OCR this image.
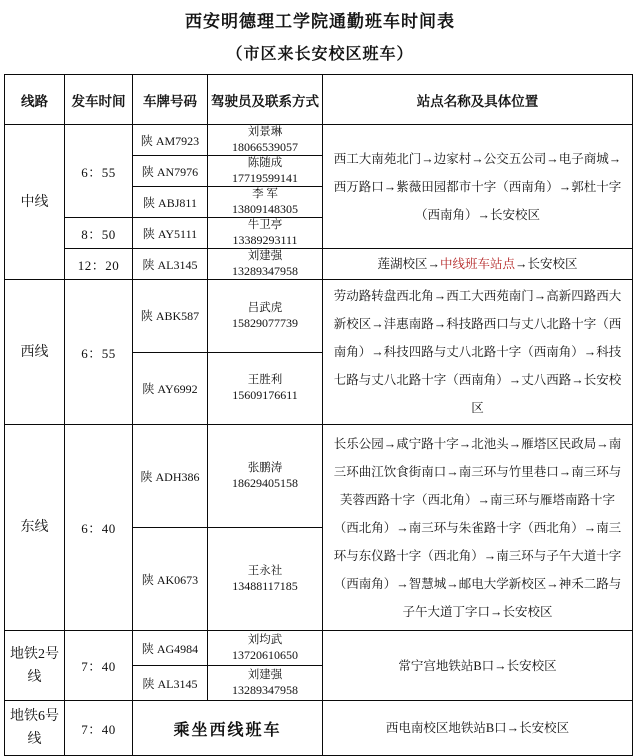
西安明德理工学院通勤班车时间表
（市区来长安校区班车）
线路	发车时间	车牌号码	驾驶员及联系方式	站点名称及具体位置
中线	6：55	陕 AM7923	刘景琳
18066539057	西工大南苑北门→边家村→公交五公司→电子商城→西万路口→紫薇田园都市十字（西南角）→郭杜十字（西南角）→长安校区
		陕 AN7976	陈随成
17719599141	

		陕 ABJ811	李 军
13809148305	

	8：50	陕 AY5111	牛卫亭
13389293111	

	12：20	陕 AL3145	刘建强
13289347958	莲湖校区→中线班车站点→长安校区
西线	6：55	陕 ABK587	吕武虎
15829077739	劳动路转盘西北角→西工大西苑南门→高新四路西大新校区→沣惠南路→科技路西口与丈八北路十字（西南角）→科技四路与丈八北路十字（西南角）→科技七路与丈八北路十字（西南角）→丈八西路→长安校区
		陕 AY6992	王胜利
15609176611	

东线	6：40	陕 ADH386	张鹏涛
18629405158	长乐公园→咸宁路十字→北池头→雁塔区民政局→南三环曲江饮食街南口→南三环与竹里巷口→南三环与芙蓉西路十字（西北角）→南三环与雁塔南路十字（西北角）→南三环与朱雀路十字（西北角）→南三环与东仪路十字（西北角）→南三环与子午大道十字（西南角）→智慧城→邮电大学新校区→神禾二路与子午大道丁字口→长安校区
		陕 AK0673	王永社
13488117185	

地铁2号线	7：40	陕 AG4984	刘均武
13720610650	常宁宫地铁站B口→长安校区
		陕 AL3145	刘建强
13289347958	

地铁6号线	7：40	乘坐西线班车		西电南校区地铁站B口→长安校区
